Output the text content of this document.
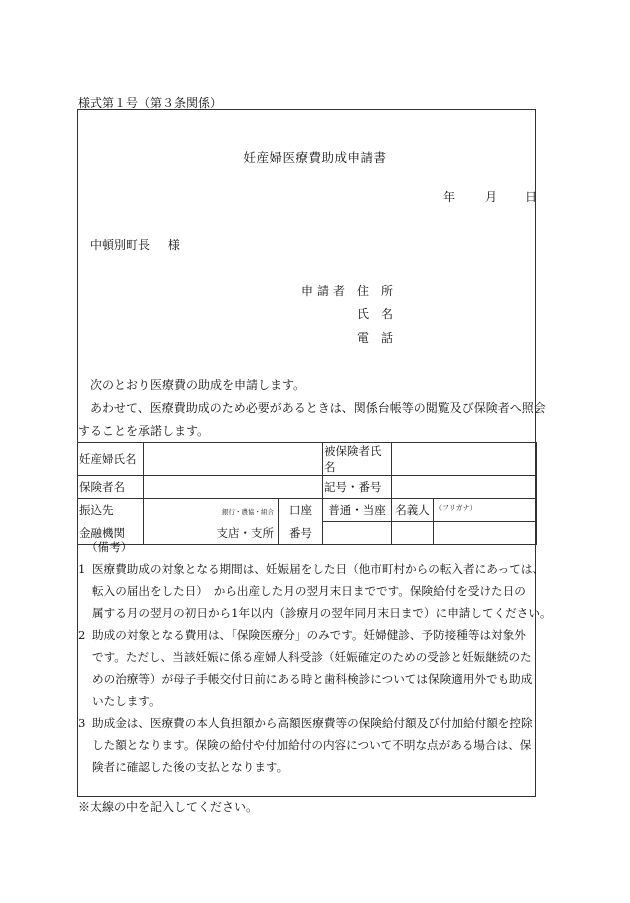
様式第１号（第３条関係）
妊産婦医療費助成申請書
年 月 日
中頓別町長 様
申請者 住　所
氏　名
電　話
次のとおり医療費の助成を申請します。
あわせて、医療費助成のため必要があるときは、関係台帳等の閲覧及び保険者へ照会
することを承諾します。
妊産婦氏名			被保険者氏名		
保険者名			記号・番号		
振込先	銀行・農協・組合	口座	普通・当座	名義人	（フリガナ）
金融機関	支店・支所	番号			
（備考）
1 医療費助成の対象となる期間は、妊娠届をした日（他市町村からの転入者にあっては、
転入の届出をした日）　から出産した月の翌月末日までです。保険給付を受けた日の
属する月の翌月の初日から1年以内（診療月の翌年同月末日まで）に申請してください。
2 助成の対象となる費用は、「保険医療分」のみです。妊婦健診、予防接種等は対象外
です。ただし、当該妊娠に係る産婦人科受診（妊娠確定のための受診と妊娠継続のた
めの治療等）が母子手帳交付日前にある時と歯科検診については保険適用外でも助成
いたします。
3 助成金は、医療費の本人負担額から高額医療費等の保険給付額及び付加給付額を控除
した額となります。保険の給付や付加給付の内容について不明な点がある場合は、保
険者に確認した後の支払となります。
※太線の中を記入してください。
